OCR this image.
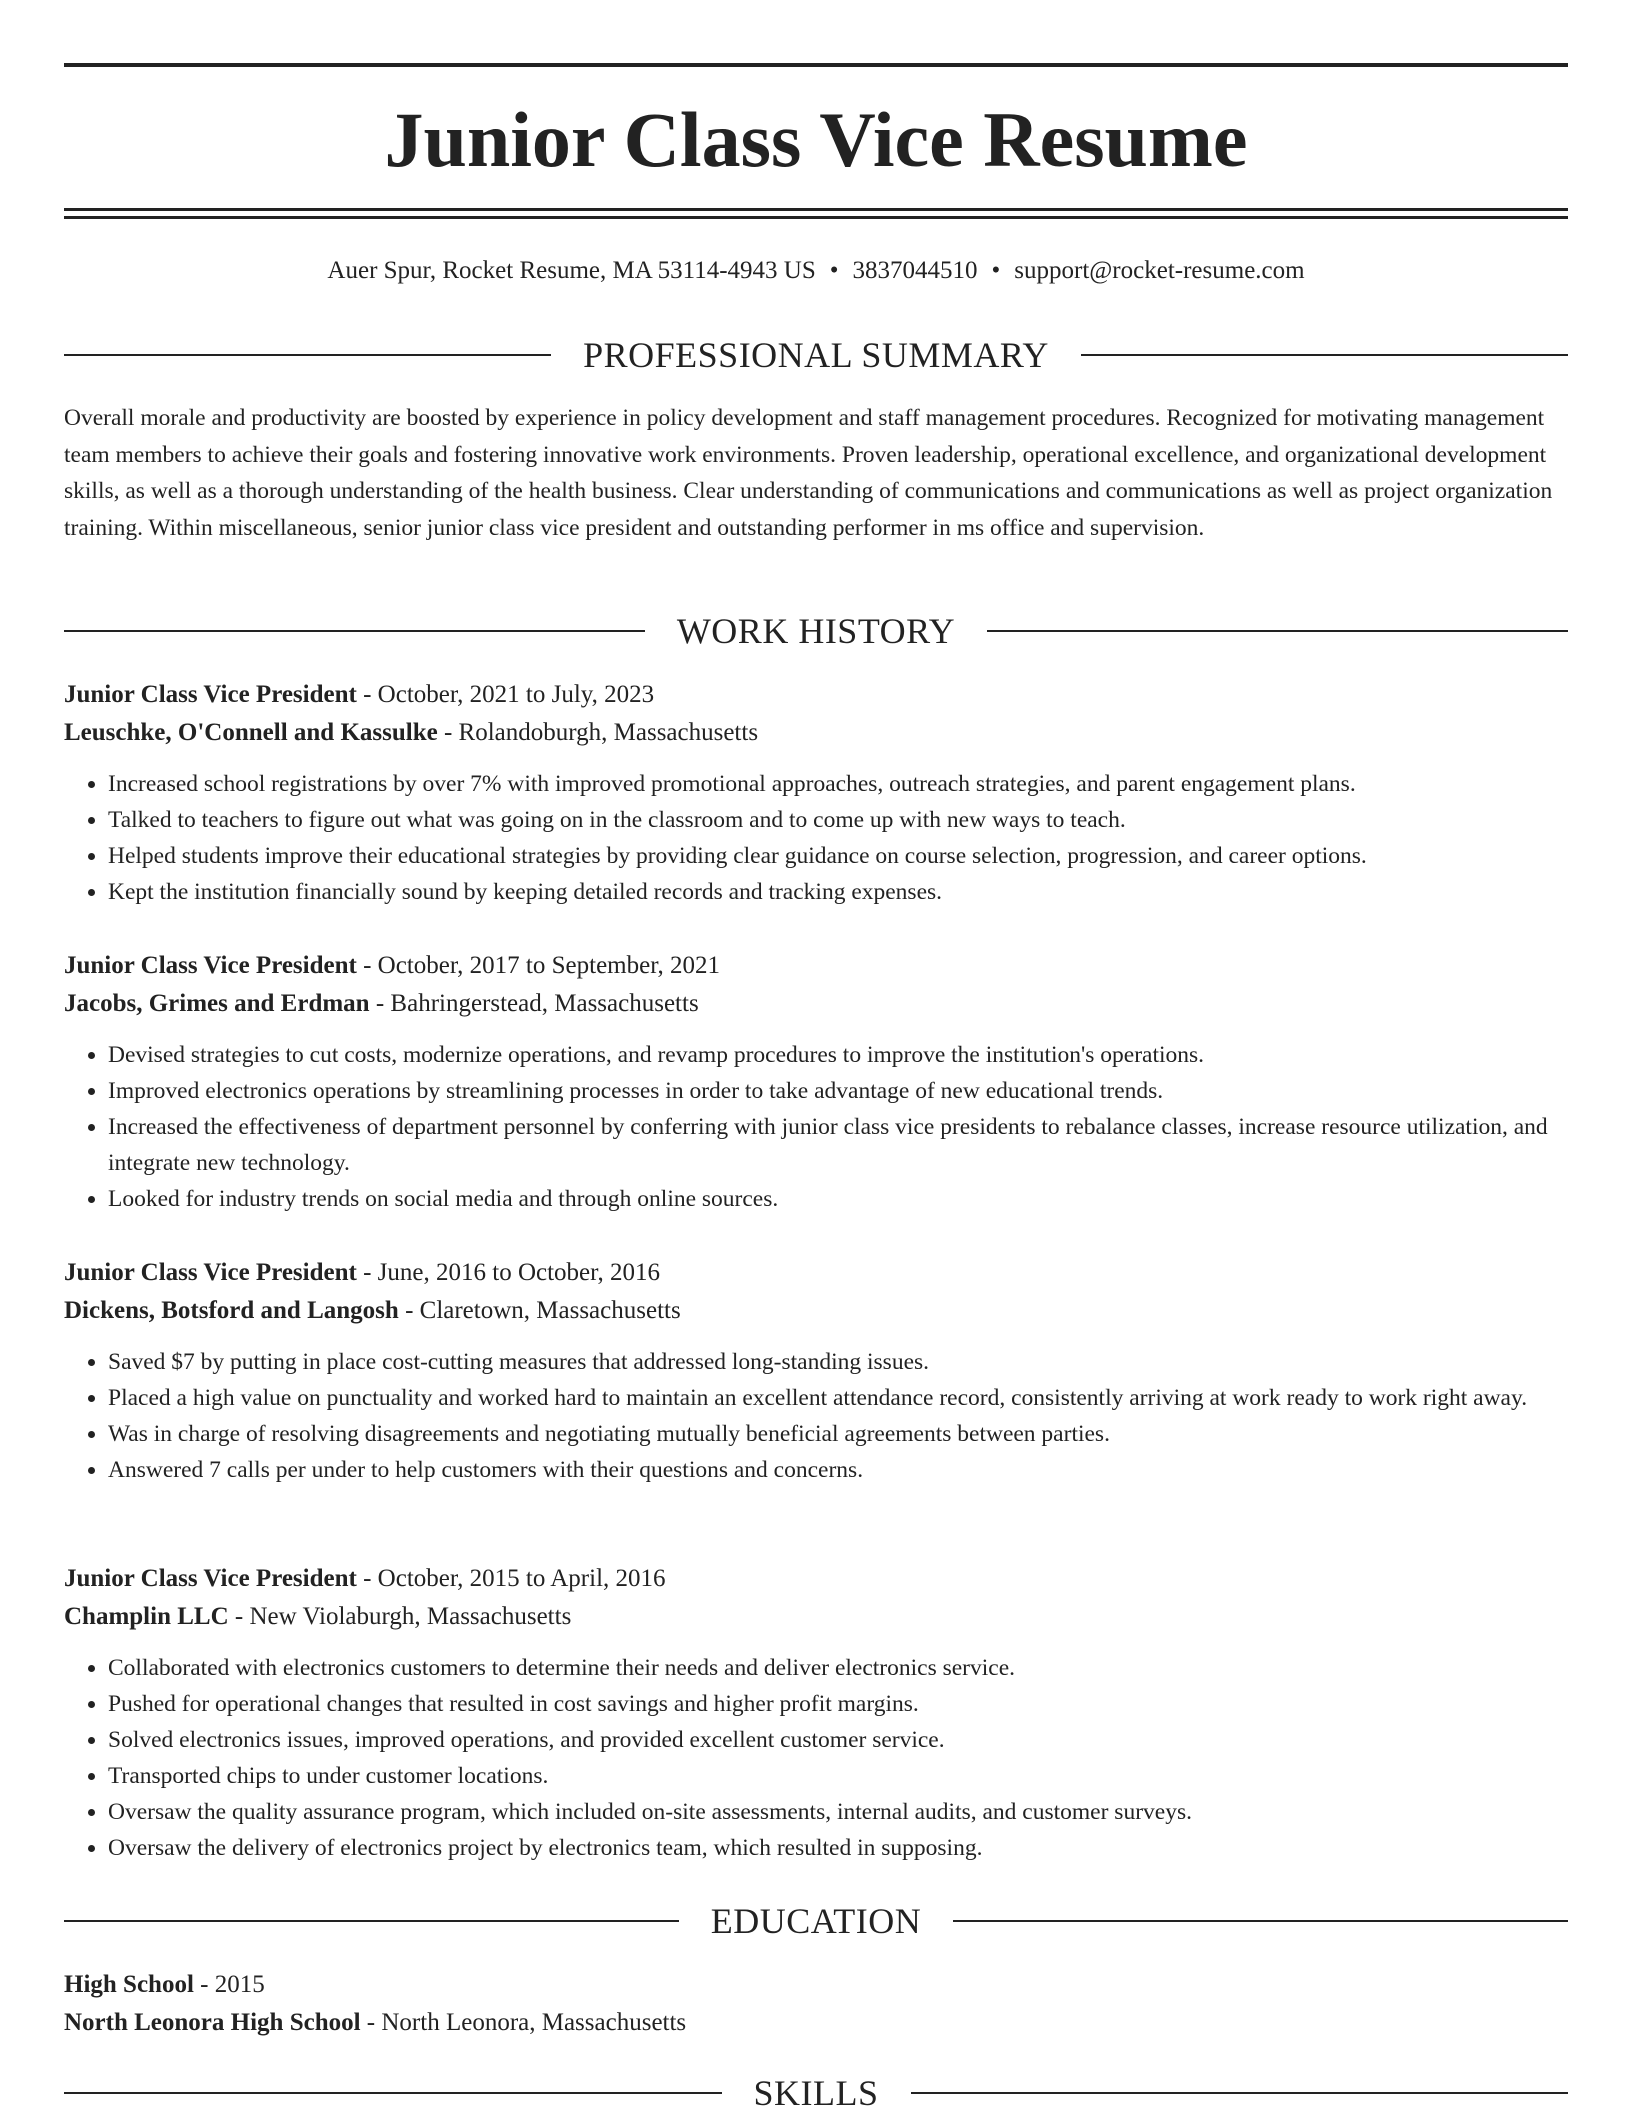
Junior Class Vice Resume
Auer Spur, Rocket Resume, MA 53114-4943 US • 3837044510 • support@rocket-resume.com
PROFESSIONAL SUMMARY

Overall morale and productivity are boosted by experience in policy development and staff management procedures. Recognized for motivating management team members to achieve their goals and fostering innovative work environments. Proven leadership, operational excellence, and organizational development skills, as well as a thorough understanding of the health business. Clear understanding of communications and communications as well as project organization training. Within miscellaneous, senior junior class vice president and outstanding performer in ms office and supervision.

WORK HISTORY
Junior Class Vice President - October, 2021 to July, 2023
Leuschke, O'Connell and Kassulke - Rolandoburgh, Massachusetts
• Increased school registrations by over 7% with improved promotional approaches, outreach strategies, and parent engagement plans.
• Talked to teachers to figure out what was going on in the classroom and to come up with new ways to teach.
• Helped students improve their educational strategies by providing clear guidance on course selection, progression, and career options.
• Kept the institution financially sound by keeping detailed records and tracking expenses.
Junior Class Vice President - October, 2017 to September, 2021
Jacobs, Grimes and Erdman - Bahringerstead, Massachusetts
• Devised strategies to cut costs, modernize operations, and revamp procedures to improve the institution's operations.
• Improved electronics operations by streamlining processes in order to take advantage of new educational trends.
• Increased the effectiveness of department personnel by conferring with junior class vice presidents to rebalance classes, increase resource utilization, and integrate new technology.
• Looked for industry trends on social media and through online sources.
Junior Class Vice President - June, 2016 to October, 2016
Dickens, Botsford and Langosh - Claretown, Massachusetts
• Saved $7 by putting in place cost-cutting measures that addressed long-standing issues.
• Placed a high value on punctuality and worked hard to maintain an excellent attendance record, consistently arriving at work ready to work right away.
• Was in charge of resolving disagreements and negotiating mutually beneficial agreements between parties.
• Answered 7 calls per under to help customers with their questions and concerns.
Junior Class Vice President - October, 2015 to April, 2016
Champlin LLC - New Violaburgh, Massachusetts
• Collaborated with electronics customers to determine their needs and deliver electronics service.
• Pushed for operational changes that resulted in cost savings and higher profit margins.
• Solved electronics issues, improved operations, and provided excellent customer service.
• Transported chips to under customer locations.
• Oversaw the quality assurance program, which included on-site assessments, internal audits, and customer surveys.
• Oversaw the delivery of electronics project by electronics team, which resulted in supposing.
EDUCATION
High School - 2015
North Leonora High School - North Leonora, Massachusetts
SKILLS
